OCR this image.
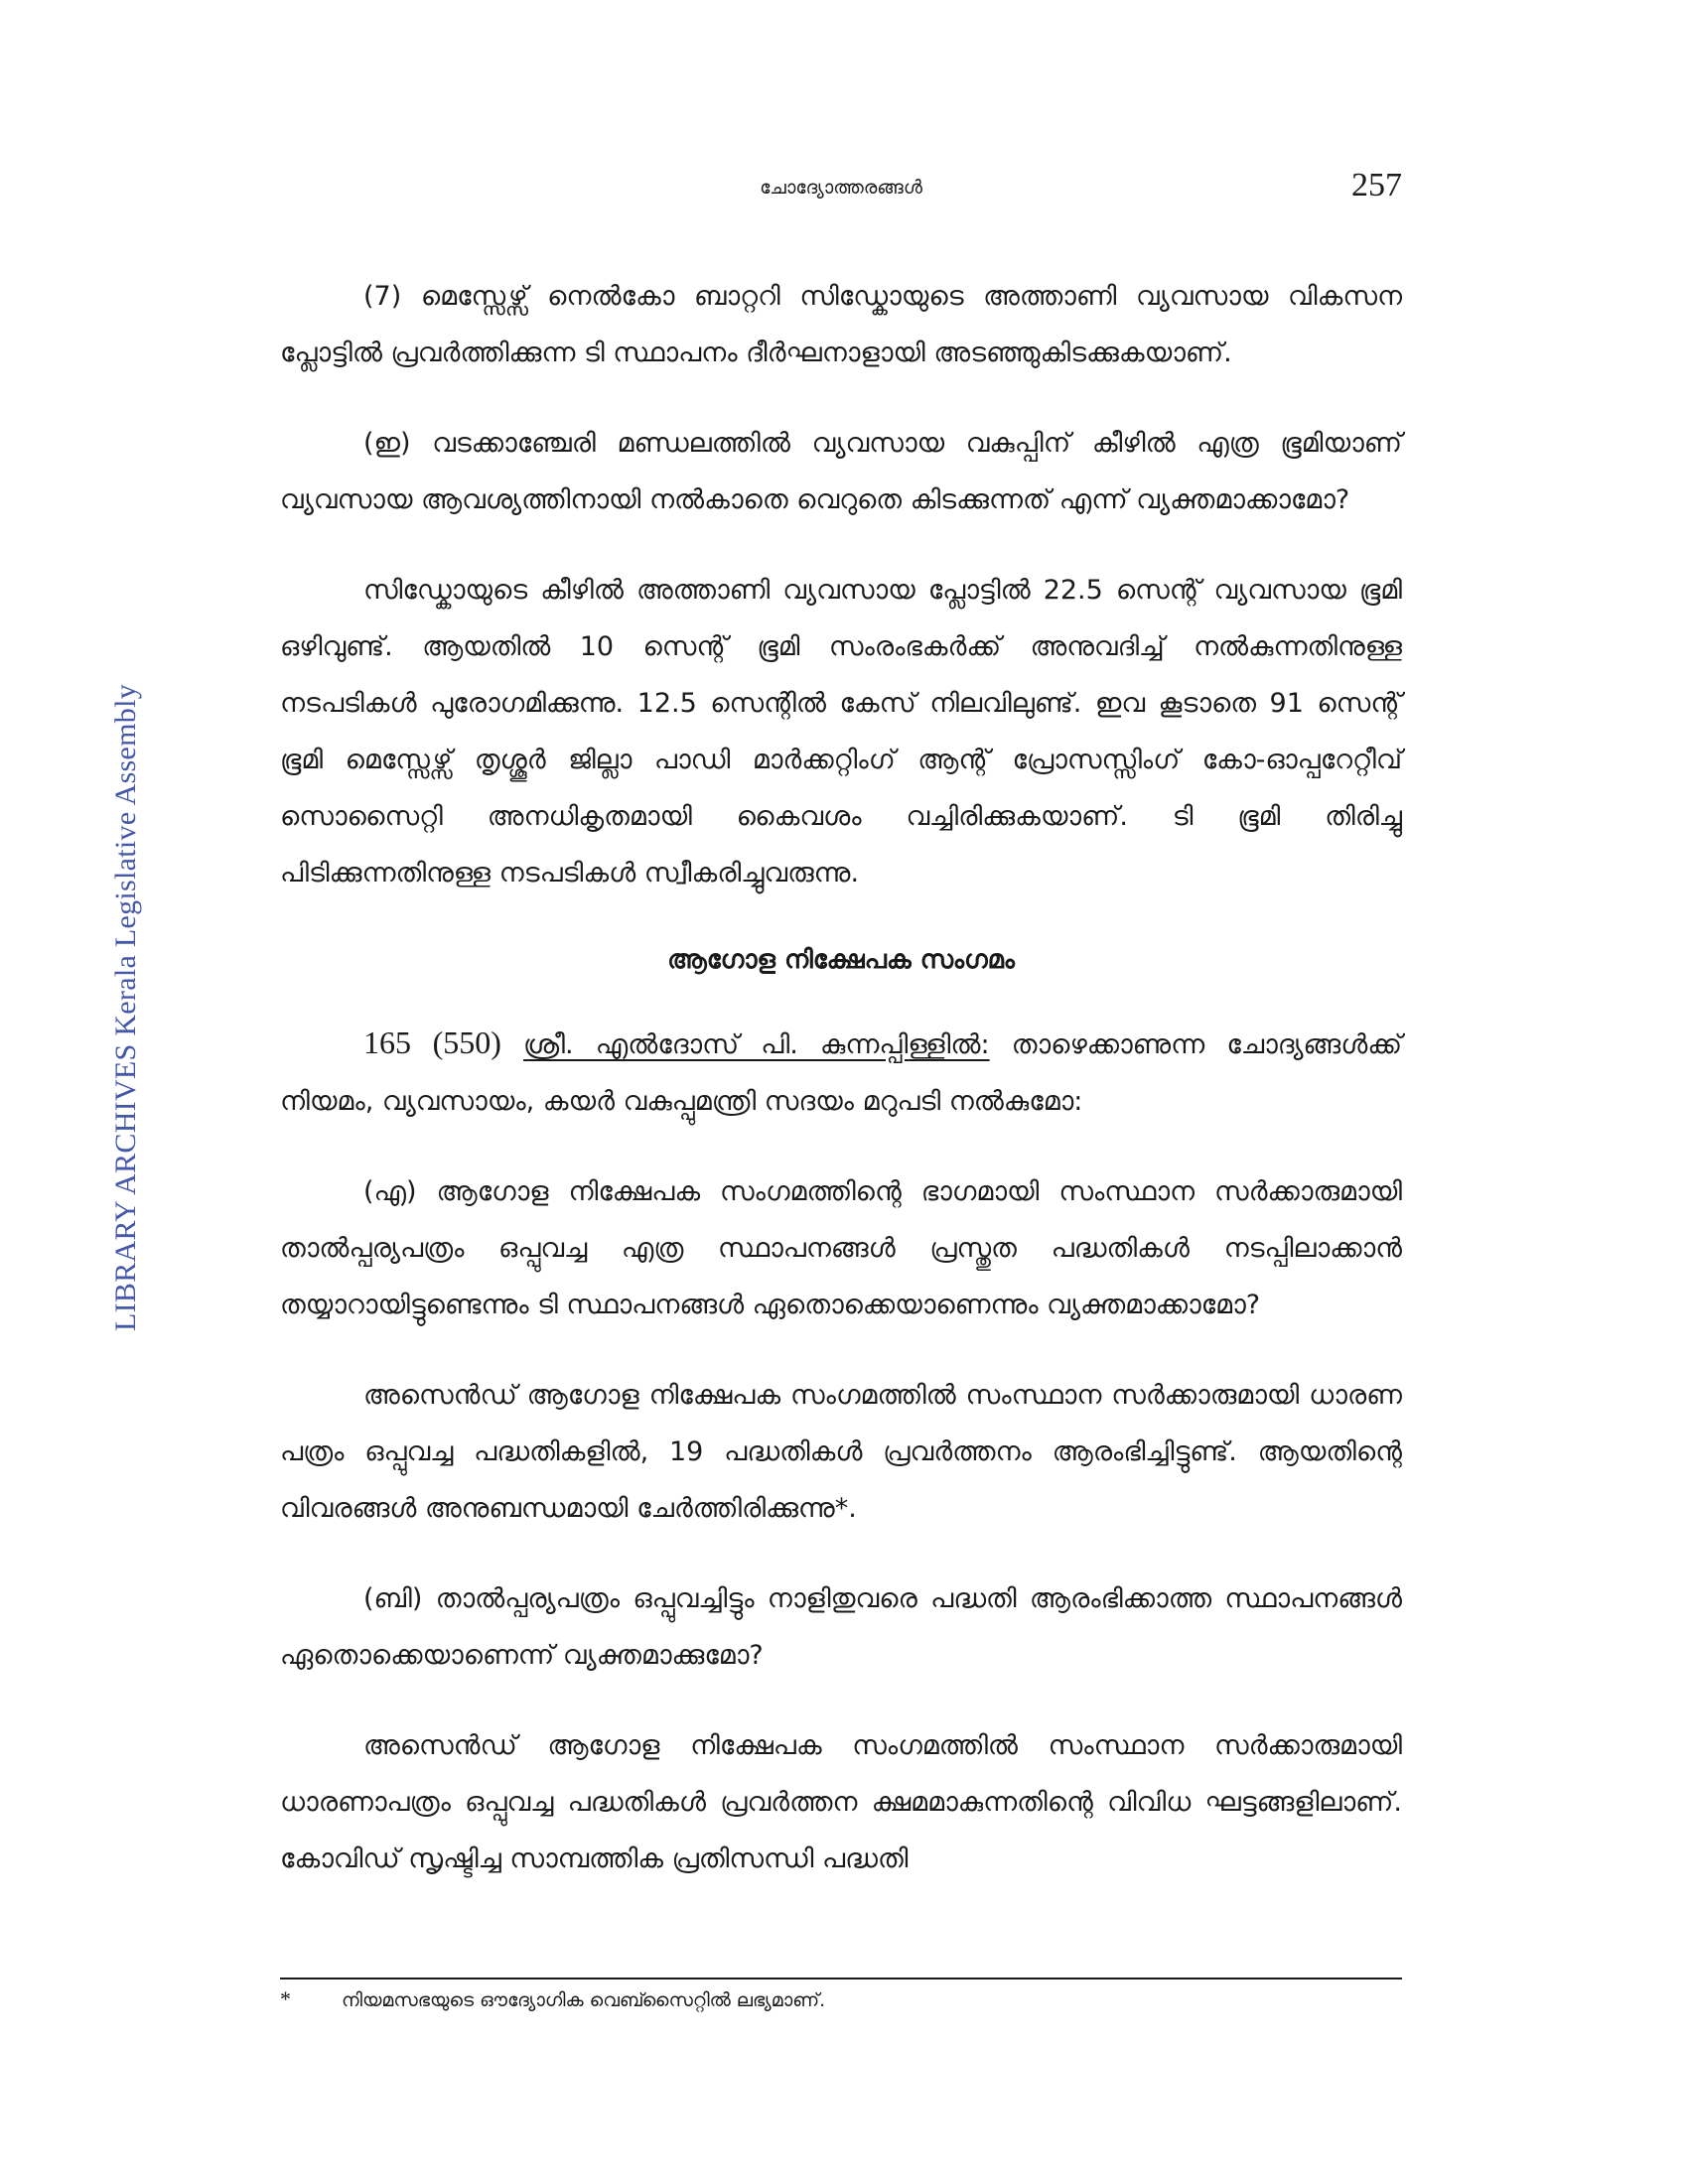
ചോദ്യോത്തരങ്ങൾ	257
LIBRARY ARCHIVES Kerala Legislative Assembly

(7) മെസ്സേഴ്സ് നെൽകോ ബാറ്ററി സിഡ്കോയുടെ അത്താണി വ്യവസായ വികസന പ്ലോട്ടിൽ പ്രവർത്തിക്കുന്ന ടി സ്ഥാപനം ദീർഘനാളായി അടഞ്ഞുകിടക്കുകയാണ്.

(ഇ) വടക്കാഞ്ചേരി മണ്ഡലത്തിൽ വ്യവസായ വകുപ്പിന് കീഴിൽ എത്ര ഭൂമിയാണ് വ്യവസായ ആവശ്യത്തിനായി നൽകാതെ വെറുതെ കിടക്കുന്നത് എന്ന് വ്യക്തമാക്കാമോ?

സിഡ്കോയുടെ കീഴിൽ അത്താണി വ്യവസായ പ്ലോട്ടിൽ 22.5 സെന്റ് വ്യവസായ ഭൂമി ഒഴിവുണ്ട്. ആയതിൽ 10 സെന്റ് ഭൂമി സംരംഭകർക്ക് അനുവദിച്ച് നൽകുന്നതിനുള്ള നടപടികൾ പുരോഗമിക്കുന്നു. 12.5 സെന്റിൽ കേസ് നിലവിലുണ്ട്. ഇവ കൂടാതെ 91 സെന്റ് ഭൂമി മെസ്സേഴ്സ് തൃശ്ശൂർ ജില്ലാ പാഡി മാർക്കറ്റിംഗ് ആന്റ് പ്രോസസ്സിംഗ് കോ-ഓപ്പറേറ്റീവ് സൊസൈറ്റി അനധികൃതമായി കൈവശം വച്ചിരിക്കുകയാണ്. ടി ഭൂമി തിരിച്ചു പിടിക്കുന്നതിനുള്ള നടപടികൾ സ്വീകരിച്ചുവരുന്നു.

ആഗോള നിക്ഷേപക സംഗമം

165 (550) ശ്രീ. എൽദോസ് പി. കുന്നപ്പിള്ളിൽ: താഴെക്കാണുന്ന ചോദ്യങ്ങൾക്ക് നിയമം, വ്യവസായം, കയർ വകുപ്പുമന്ത്രി സദയം മറുപടി നൽകുമോ:

(എ) ആഗോള നിക്ഷേപക സംഗമത്തിന്റെ ഭാഗമായി സംസ്ഥാന സർക്കാരുമായി താൽപ്പര്യപത്രം ഒപ്പുവച്ച എത്ര സ്ഥാപനങ്ങൾ പ്രസ്തുത പദ്ധതികൾ നടപ്പിലാക്കാൻ തയ്യാറായിട്ടുണ്ടെന്നും ടി സ്ഥാപനങ്ങൾ ഏതൊക്കെയാണെന്നും വ്യക്തമാക്കാമോ?

അസെൻഡ് ആഗോള നിക്ഷേപക സംഗമത്തിൽ സംസ്ഥാന സർക്കാരുമായി ധാരണ പത്രം ഒപ്പുവച്ച പദ്ധതികളിൽ, 19 പദ്ധതികൾ പ്രവർത്തനം ആരംഭിച്ചിട്ടുണ്ട്. ആയതിന്റെ വിവരങ്ങൾ അനുബന്ധമായി ചേർത്തിരിക്കുന്നു*.

(ബി) താൽപ്പര്യപത്രം ഒപ്പുവച്ചിട്ടും നാളിതുവരെ പദ്ധതി ആരംഭിക്കാത്ത സ്ഥാപനങ്ങൾ ഏതൊക്കെയാണെന്ന് വ്യക്തമാക്കുമോ?

അസെൻഡ് ആഗോള നിക്ഷേപക സംഗമത്തിൽ സംസ്ഥാന സർക്കാരുമായി ധാരണാപത്രം ഒപ്പുവച്ച പദ്ധതികൾ പ്രവർത്തന ക്ഷമമാകുന്നതിന്റെ വിവിധ ഘട്ടങ്ങളിലാണ്. കോവിഡ് സൃഷ്ടിച്ച സാമ്പത്തിക പ്രതിസന്ധി പദ്ധതി

*	നിയമസഭയുടെ ഔദ്യോഗിക വെബ്സൈറ്റിൽ ലഭ്യമാണ്.
